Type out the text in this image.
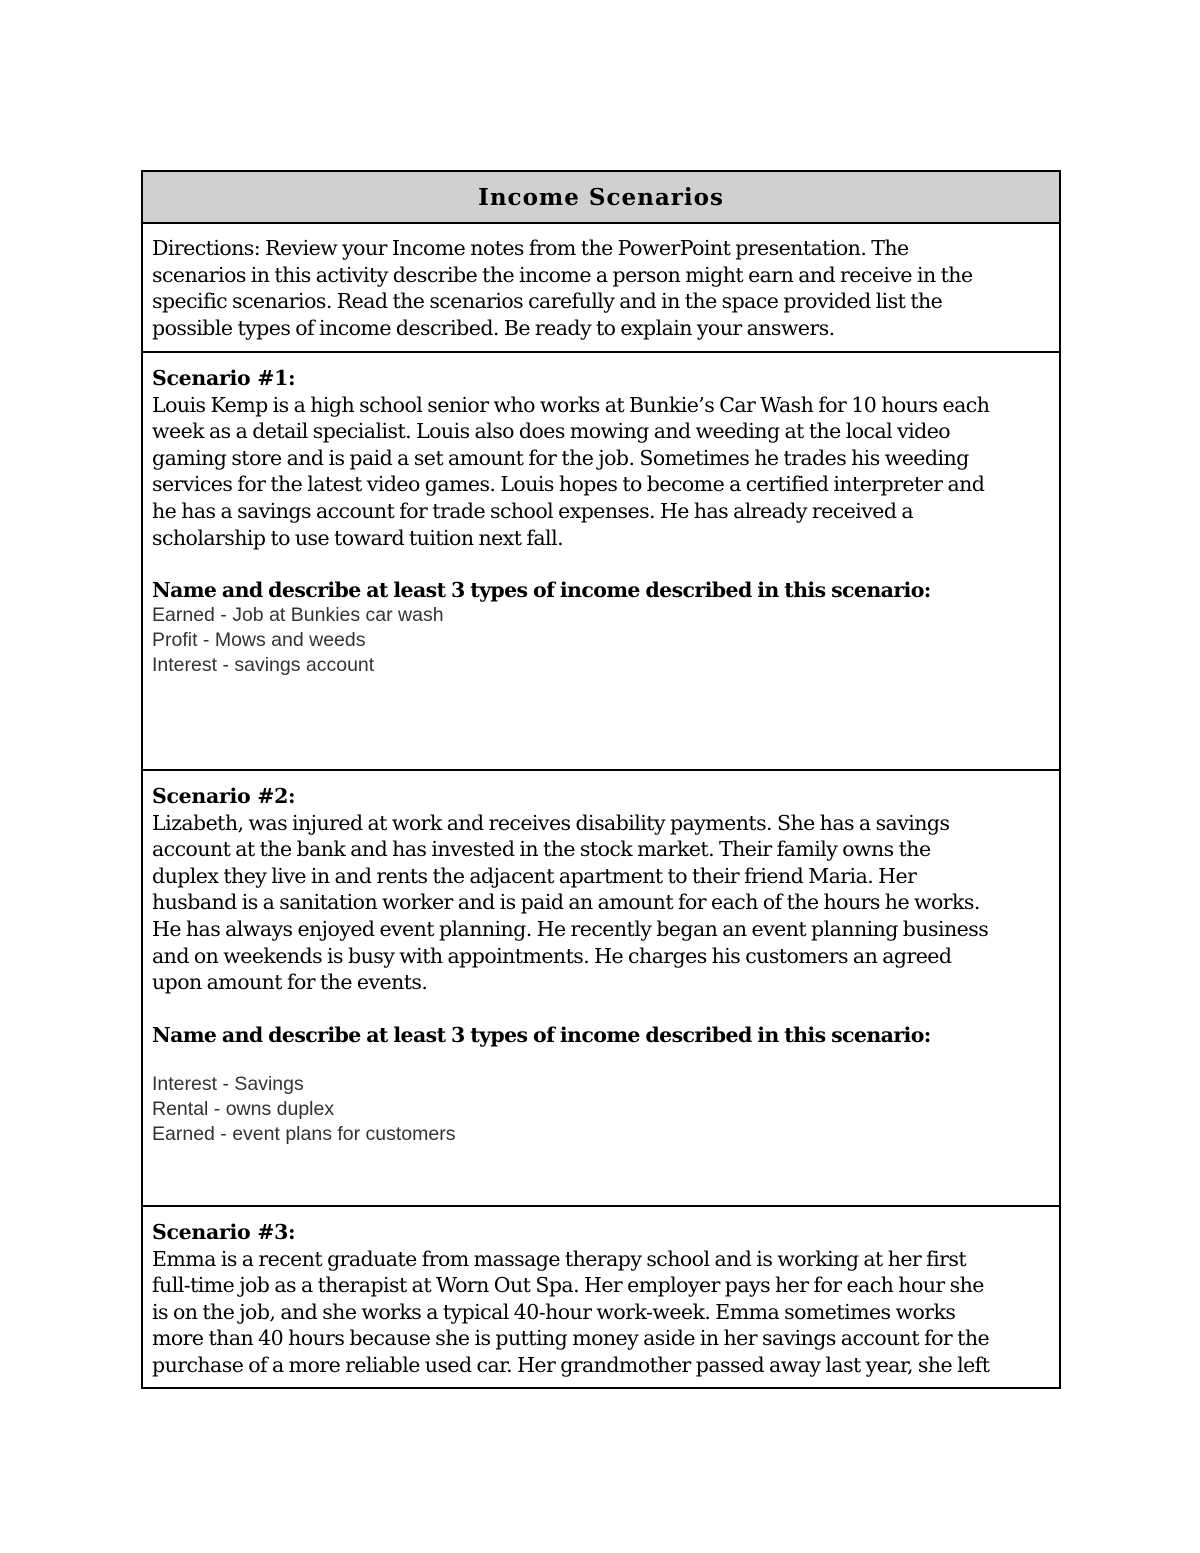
Income Scenarios

Directions: Review your Income notes from the PowerPoint presentation. The

scenarios in this activity describe the income a person might earn and receive in the

specific scenarios. Read the scenarios carefully and in the space provided list the

possible types of income described. Be ready to explain your answers.

Scenario #1:

Louis Kemp is a high school senior who works at Bunkie’s Car Wash for 10 hours each

week as a detail specialist. Louis also does mowing and weeding at the local video

gaming store and is paid a set amount for the job. Sometimes he trades his weeding

services for the latest video games. Louis hopes to become a certified interpreter and

he has a savings account for trade school expenses. He has already received a

scholarship to use toward tuition next fall.

Name and describe at least 3 types of income described in this scenario:

Earned - Job at Bunkies car wash

Profit - Mows and weeds

Interest - savings account

Scenario #2:

Lizabeth, was injured at work and receives disability payments. She has a savings

account at the bank and has invested in the stock market. Their family owns the

duplex they live in and rents the adjacent apartment to their friend Maria. Her

husband is a sanitation worker and is paid an amount for each of the hours he works.

He has always enjoyed event planning. He recently began an event planning business

and on weekends is busy with appointments. He charges his customers an agreed

upon amount for the events.

Name and describe at least 3 types of income described in this scenario:

Interest - Savings

Rental - owns duplex

Earned - event plans for customers

Scenario #3:

Emma is a recent graduate from massage therapy school and is working at her first

full-time job as a therapist at Worn Out Spa. Her employer pays her for each hour she

is on the job, and she works a typical 40-hour work-week. Emma sometimes works

more than 40 hours because she is putting money aside in her savings account for the

purchase of a more reliable used car. Her grandmother passed away last year, she left
